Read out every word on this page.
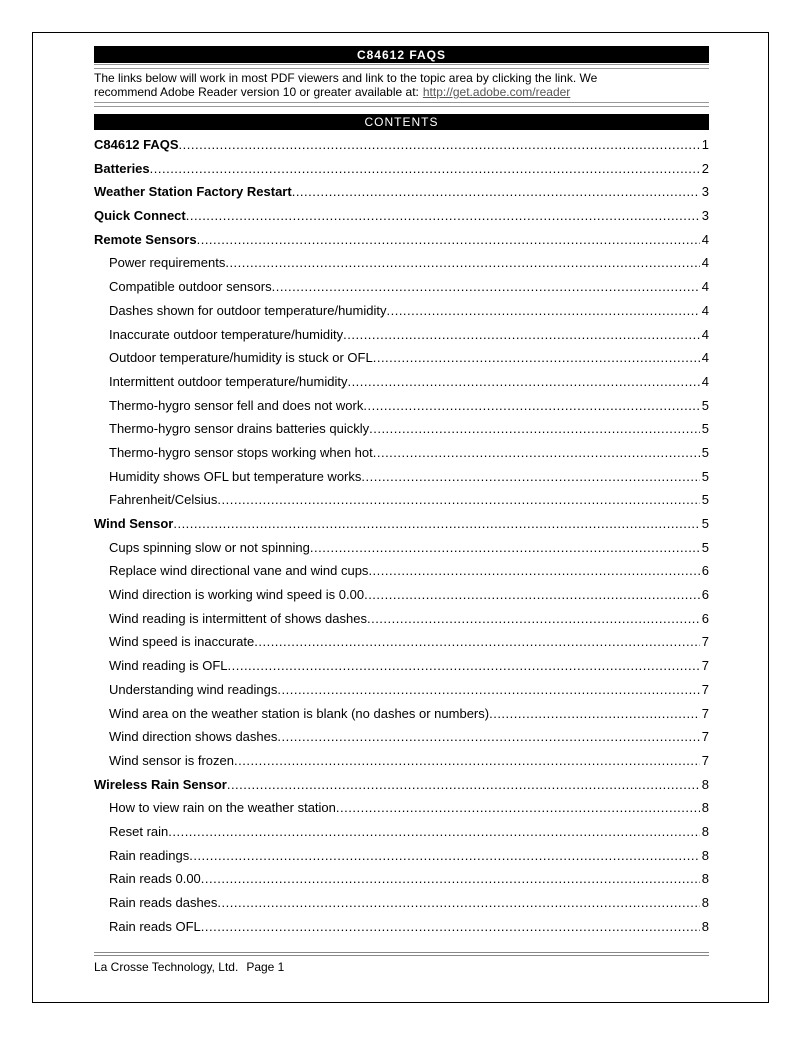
C84612 FAQS
The links below will work in most PDF viewers and link to the topic area by clicking the link. We
recommend Adobe Reader version 10 or greater available at: http://get.adobe.com/reader
CONTENTS
C84612 FAQS .....	1
Batteries .....	2
Weather Station Factory Restart .....	3
Quick Connect .....	3
Remote Sensors .....	4
Power requirements .....	4
Compatible outdoor sensors .....	4
Dashes shown for outdoor temperature/humidity .....	4
Inaccurate outdoor temperature/humidity .....	4
Outdoor temperature/humidity is stuck or OFL .....	4
Intermittent outdoor temperature/humidity .....	4
Thermo-hygro sensor fell and does not work .....	5
Thermo-hygro sensor drains batteries quickly .....	5
Thermo-hygro sensor stops working when hot .....	5
Humidity shows OFL but temperature works .....	5
Fahrenheit/Celsius .....	5
Wind Sensor .....	5
Cups spinning slow or not spinning .....	5
Replace wind directional vane and wind cups .....	6
Wind direction is working wind speed is 0.00 .....	6
Wind reading is intermittent of shows dashes .....	6
Wind speed is inaccurate .....	7
Wind reading is OFL .....	7
Understanding wind readings .....	7
Wind area on the weather station is blank (no dashes or numbers) .....	7
Wind direction shows dashes .....	7
Wind sensor is frozen .....	7
Wireless Rain Sensor .....	8
How to view rain on the weather station .....	8
Reset rain .....	8
Rain readings .....	8
Rain reads 0.00 .....	8
Rain reads dashes .....	8
Rain reads OFL .....	8
La Crosse Technology, Ltd. Page 1
